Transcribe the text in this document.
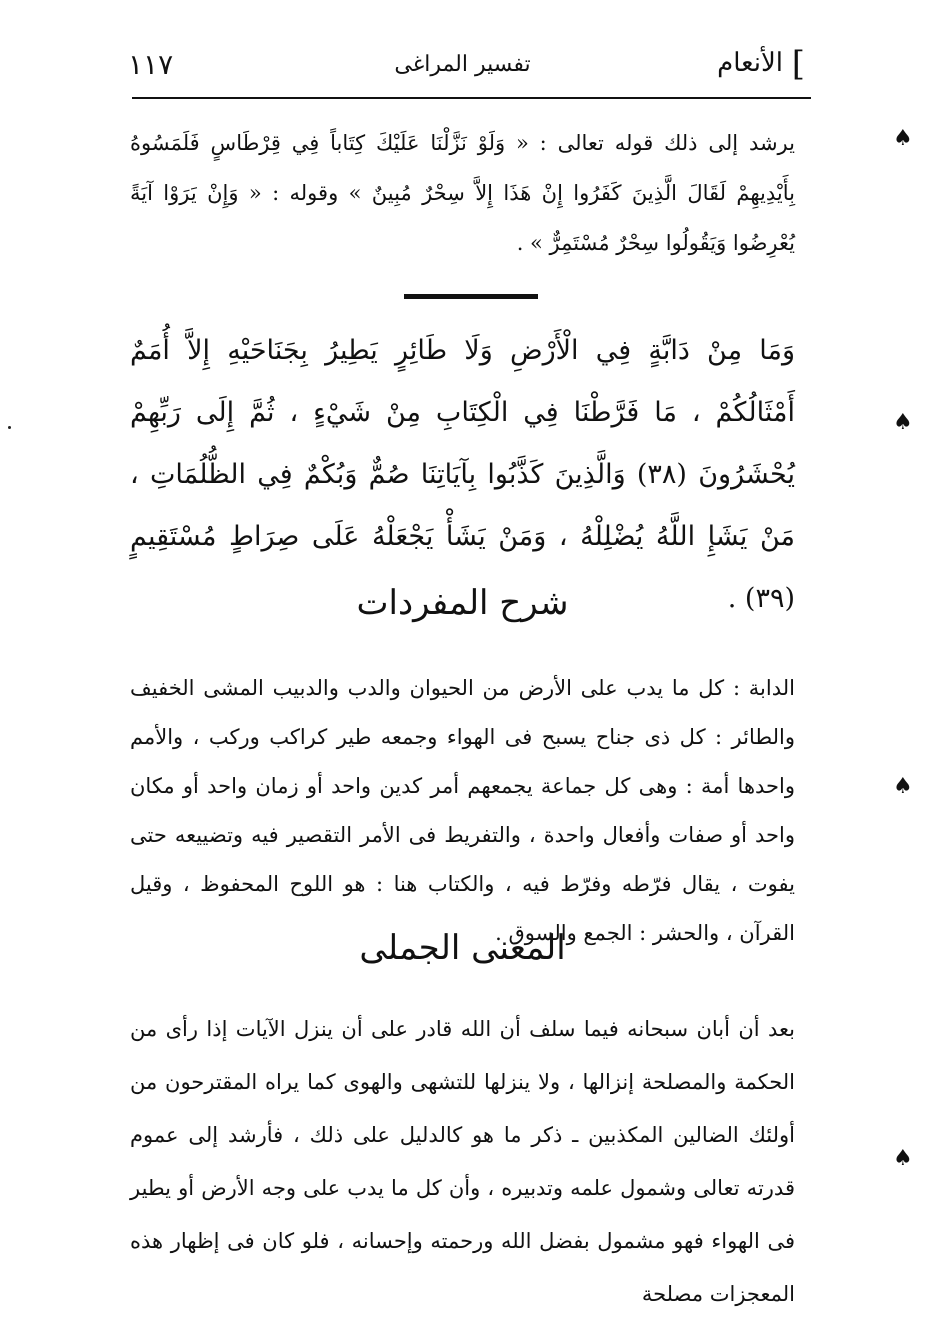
]
الأنعام
تفسير المراغى
١١٧
يرشد إلى ذلك قوله تعالى : « وَلَوْ نَزَّلْنَا عَلَيْكَ كِتَاباً فِي قِرْطَاسٍ فَلَمَسُوهُ بِأَيْدِيهِمْ لَقَالَ الَّذِينَ كَفَرُوا إِنْ هَذَا إِلاَّ سِحْرٌ مُبِينٌ » وقوله : « وَإِنْ يَرَوْا آيَةً يُعْرِضُوا وَيَقُولُوا سِحْرٌ مُسْتَمِرٌّ » .
وَمَا مِنْ دَابَّةٍ فِي الْأَرْضِ وَلَا طَائِرٍ يَطِيرُ بِجَنَاحَيْهِ إِلاَّ أُمَمٌ أَمْثَالُكُمْ ، مَا فَرَّطْنَا فِي الْكِتَابِ مِنْ شَيْءٍ ، ثُمَّ إِلَى رَبِّهِمْ يُحْشَرُونَ (٣٨) وَالَّذِينَ كَذَّبُوا بِآيَاتِنَا صُمٌّ وَبُكْمٌ فِي الظُّلُمَاتِ ، مَنْ يَشَإِ اللَّهُ يُضْلِلْهُ ، وَمَنْ يَشَأْ يَجْعَلْهُ عَلَى صِرَاطٍ مُسْتَقِيمٍ (٣٩) .
شرح المفردات
الدابة : كل ما يدب على الأرض من الحيوان والدب والدبيب المشى الخفيف والطائر : كل ذى جناح يسبح فى الهواء وجمعه طير كراكب وركب ، والأمم واحدها أمة : وهى كل جماعة يجمعهم أمر كدين واحد أو زمان واحد أو مكان واحد أو صفات وأفعال واحدة ، والتفريط فى الأمر التقصير فيه وتضييعه حتى يفوت ، يقال فرّطه وفرّط فيه ، والكتاب هنا : هو اللوح المحفوظ ، وقيل القرآن ، والحشر : الجمع والسوق .
المعنى الجملى
بعد أن أبان سبحانه فيما سلف أن الله قادر على أن ينزل الآيات إذا رأى من الحكمة والمصلحة إنزالها ، ولا ينزلها للتشهى والهوى كما يراه المقترحون من أولئك الضالين المكذبين ـ ذكر ما هو كالدليل على ذلك ، فأرشد إلى عموم قدرته تعالى وشمول علمه وتدبيره ، وأن كل ما يدب على وجه الأرض أو يطير فى الهواء فهو مشمول بفضل الله ورحمته وإحسانه ، فلو كان فى إظهار هذه المعجزات مصلحة
♠
♠
♠
♠
